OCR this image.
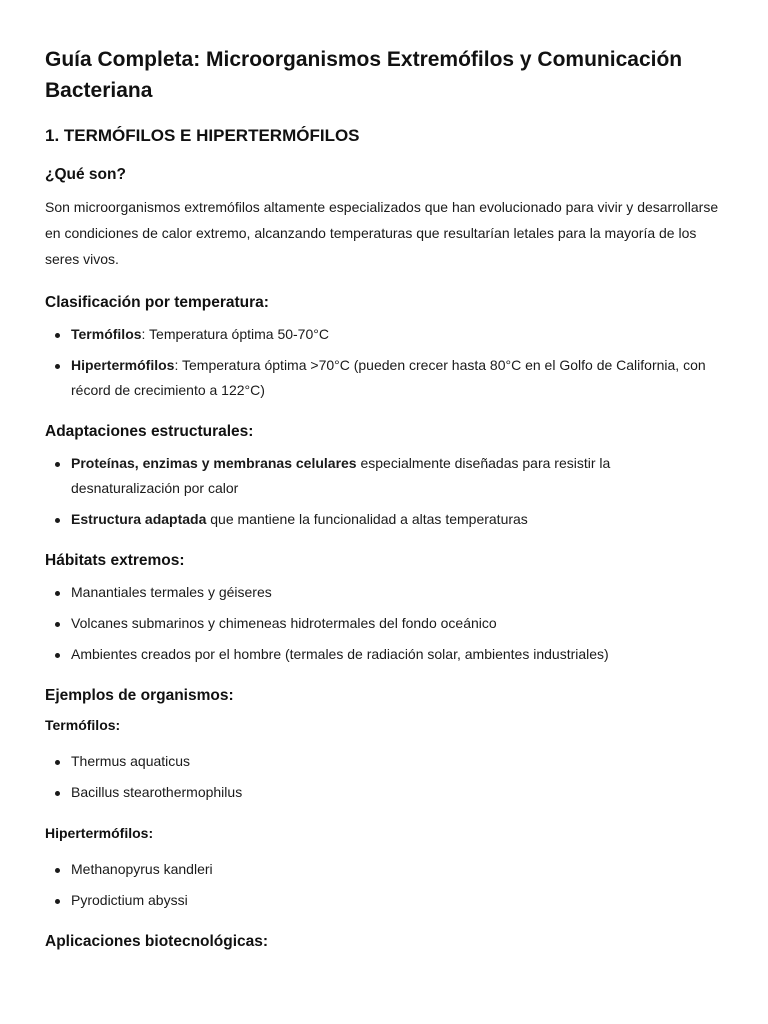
Guía Completa: Microorganismos Extremófilos y Comunicación Bacteriana
1. TERMÓFILOS E HIPERTERMÓFILOS
¿Qué son?

Son microorganismos extremófilos altamente especializados que han evolucionado para vivir y desarrollarse en condiciones de calor extremo, alcanzando temperaturas que resultarían letales para la mayoría de los seres vivos.

Clasificación por temperatura:
Termófilos: Temperatura óptima 50-70°C
Hipertermófilos: Temperatura óptima >70°C (pueden crecer hasta 80°C en el Golfo de California, con récord de crecimiento a 122°C)
Adaptaciones estructurales:
Proteínas, enzimas y membranas celulares especialmente diseñadas para resistir la desnaturalización por calor
Estructura adaptada que mantiene la funcionalidad a altas temperaturas
Hábitats extremos:
Manantiales termales y géiseres
Volcanes submarinos y chimeneas hidrotermales del fondo oceánico
Ambientes creados por el hombre (termales de radiación solar, ambientes industriales)
Ejemplos de organismos:
Termófilos:
Thermus aquaticus
Bacillus stearothermophilus
Hipertermófilos:
Methanopyrus kandleri
Pyrodictium abyssi
Aplicaciones biotecnológicas:
